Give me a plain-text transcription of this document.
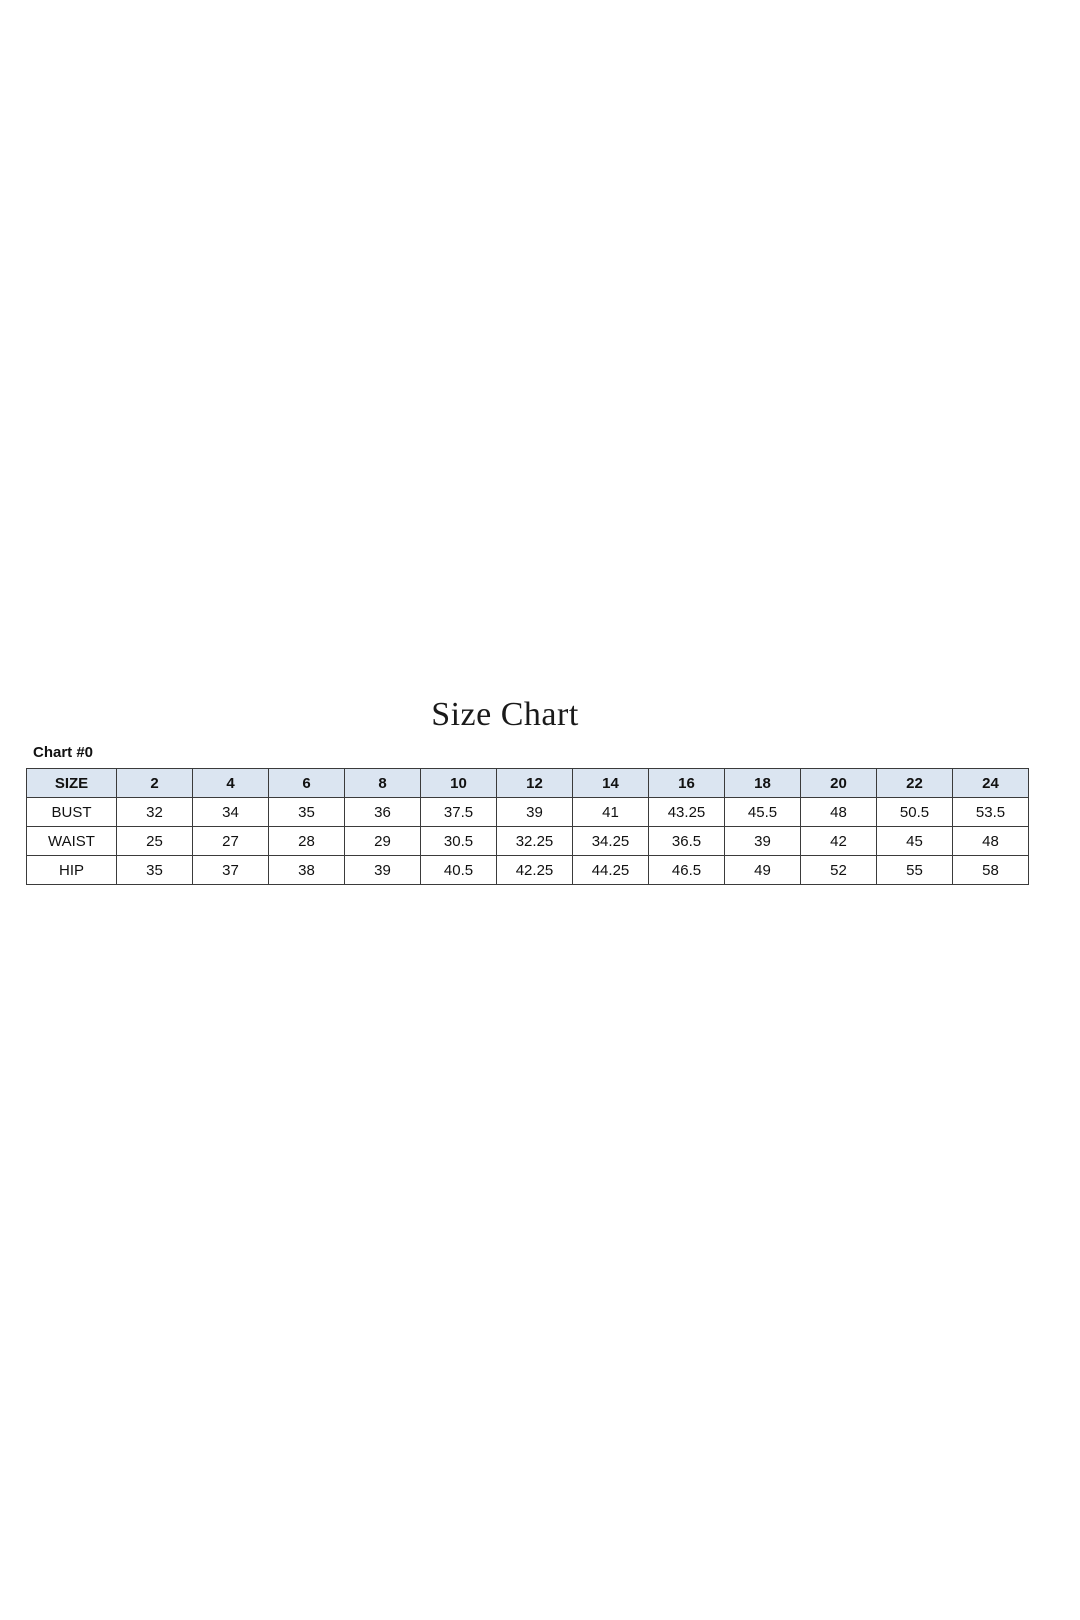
Size Chart
Chart #0
SIZE	2	4	6	8	10	12	14	16	18	20	22	24
BUST	32	34	35	36	37.5	39	41	43.25	45.5	48	50.5	53.5
WAIST	25	27	28	29	30.5	32.25	34.25	36.5	39	42	45	48
HIP	35	37	38	39	40.5	42.25	44.25	46.5	49	52	55	58
